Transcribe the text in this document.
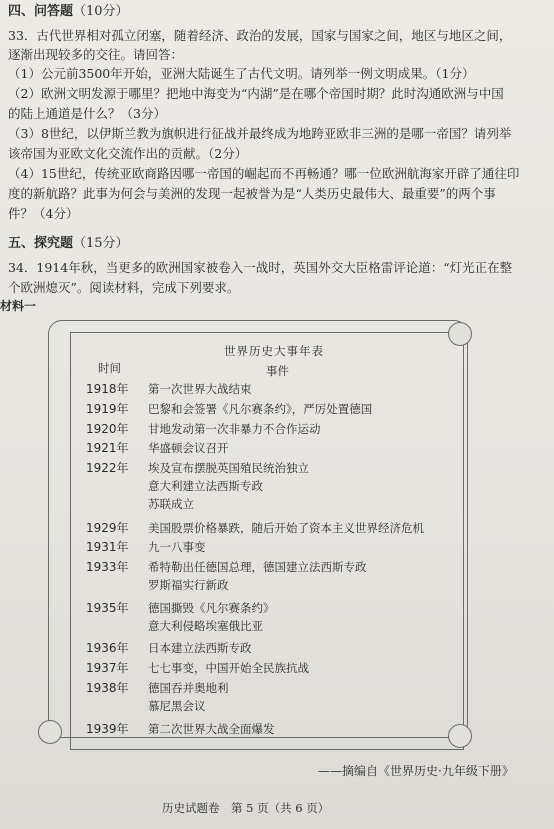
四、问答题（10分）
33．古代世界相对孤立闭塞，随着经济、政治的发展，国家与国家之间，地区与地区之间，
逐渐出现较多的交往。请回答：
（1）公元前3500年开始，亚洲大陆诞生了古代文明。请列举一例文明成果。（1分）
（2）欧洲文明发源于哪里？把地中海变为“内湖”是在哪个帝国时期？此时沟通欧洲与中国
的陆上通道是什么？（3分）
（3）8世纪，以伊斯兰教为旗帜进行征战并最终成为地跨亚欧非三洲的是哪一帝国？请列举
该帝国为亚欧文化交流作出的贡献。（2分）
（4）15世纪，传统亚欧商路因哪一帝国的崛起而不再畅通？哪一位欧洲航海家开辟了通往印
度的新航路？此事为何会与美洲的发现一起被誉为是“人类历史最伟大、最重要”的两个事
件？（4分）
五、探究题（15分）
34．1914年秋，当更多的欧洲国家被卷入一战时，英国外交大臣格雷评论道：“灯光正在整
个欧洲熄灭”。阅读材料，完成下列要求。
材料一
世界历史大事年表
时间	事件
1918年 第一次世界大战结束
1919年 巴黎和会签署《凡尔赛条约》，严厉处置德国
1920年 甘地发动第一次非暴力不合作运动
1921年 华盛顿会议召开
1922年 埃及宣布摆脱英国殖民统治独立
意大利建立法西斯专政
苏联成立
1929年 美国股票价格暴跌，随后开始了资本主义世界经济危机
1931年 九一八事变
1933年 希特勒出任德国总理，德国建立法西斯专政
罗斯福实行新政
1935年 德国撕毁《凡尔赛条约》
意大利侵略埃塞俄比亚
1936年 日本建立法西斯专政
1937年 七七事变，中国开始全民族抗战
1938年 德国吞并奥地利
慕尼黑会议
1939年 第二次世界大战全面爆发
——摘编自《世界历史·九年级下册》
历史试题卷　第 5 页（共 6 页）
